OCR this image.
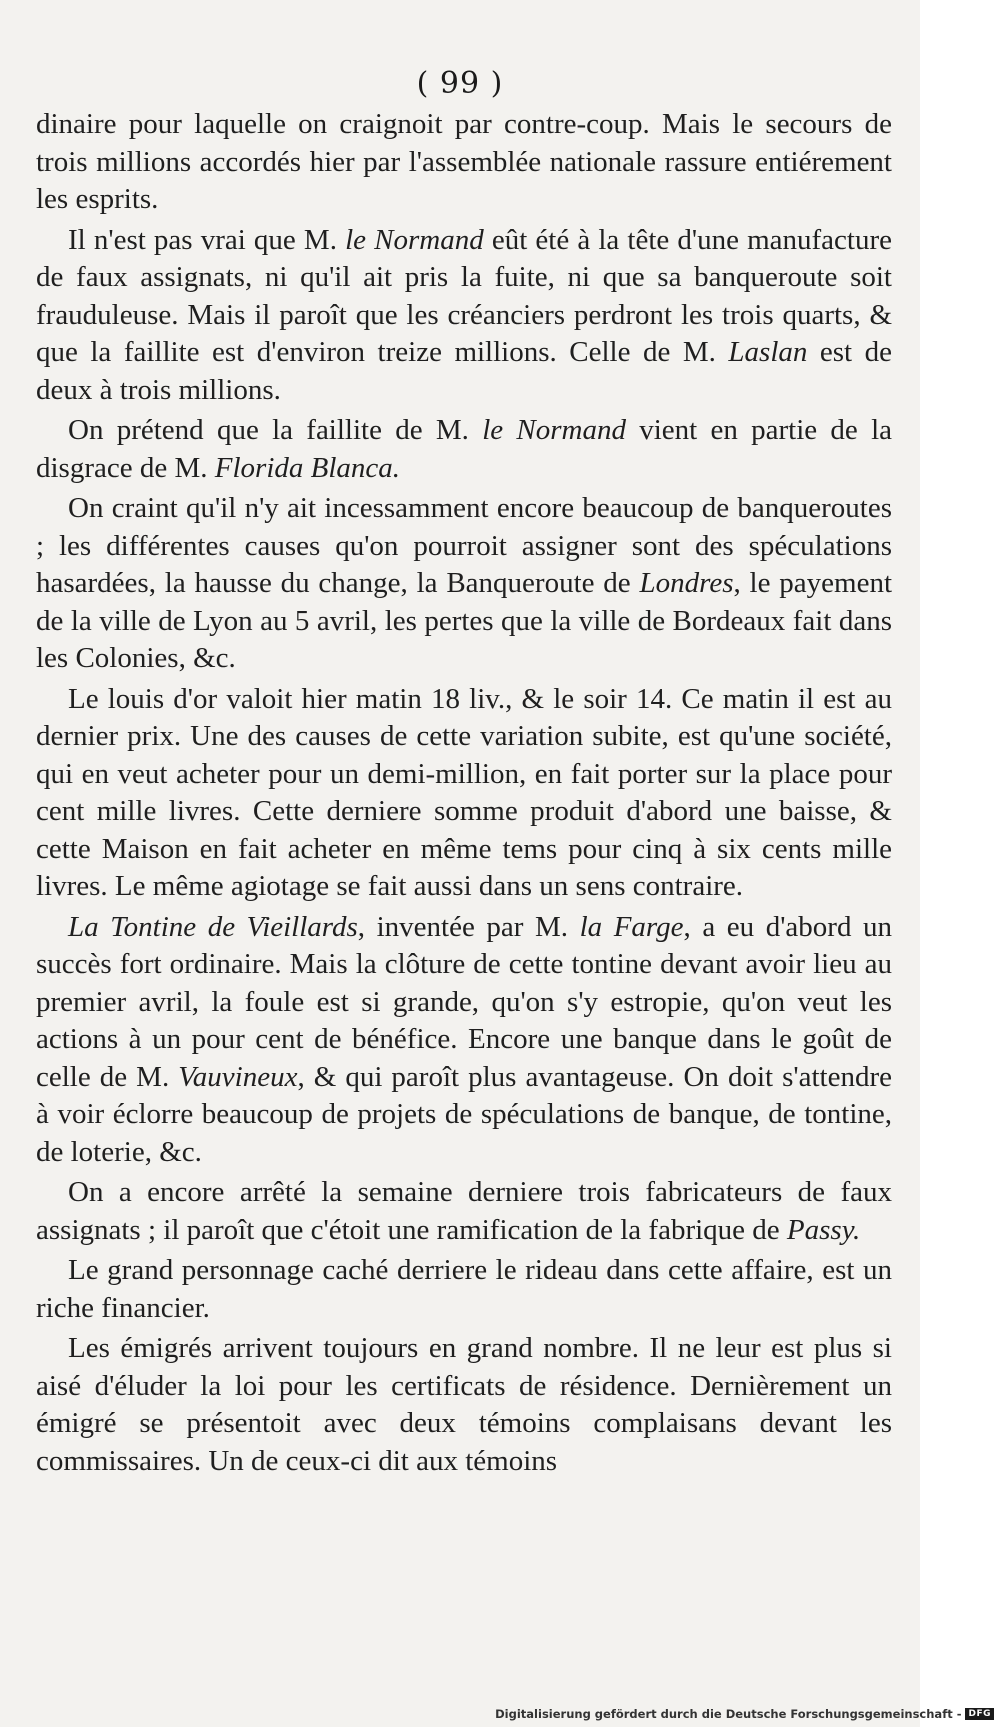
( 99 )

dinaire pour laquelle on craignoit par contre-coup. Mais le secours de trois millions accordés hier par l'assemblée nationale rassure entiérement les esprits.

Il n'est pas vrai que M. le Normand eût été à la tête d'une manufacture de faux assignats, ni qu'il ait pris la fuite, ni que sa banqueroute soit frauduleuse. Mais il paroît que les créanciers perdront les trois quarts, & que la faillite est d'environ treize millions. Celle de M. Laslan est de deux à trois millions.

On prétend que la faillite de M. le Normand vient en partie de la disgrace de M. Florida Blanca.

On craint qu'il n'y ait incessamment encore beaucoup de banqueroutes ; les différentes causes qu'on pourroit assigner sont des spéculations hasardées, la hausse du change, la Banqueroute de Londres, le payement de la ville de Lyon au 5 avril, les pertes que la ville de Bordeaux fait dans les Colonies, &c.

Le louis d'or valoit hier matin 18 liv., & le soir 14. Ce matin il est au dernier prix. Une des causes de cette variation subite, est qu'une société, qui en veut acheter pour un demi-million, en fait porter sur la place pour cent mille livres. Cette derniere somme produit d'abord une baisse, & cette Maison en fait acheter en même tems pour cinq à six cents mille livres. Le même agiotage se fait aussi dans un sens contraire.

La Tontine de Vieillards, inventée par M. la Farge, a eu d'abord un succès fort ordinaire. Mais la clôture de cette tontine devant avoir lieu au premier avril, la foule est si grande, qu'on s'y estropie, qu'on veut les actions à un pour cent de bénéfice. Encore une banque dans le goût de celle de M. Vauvineux, & qui paroît plus avantageuse. On doit s'attendre à voir éclorre beaucoup de projets de spéculations de banque, de tontine, de loterie, &c.

On a encore arrêté la semaine derniere trois fabricateurs de faux assignats ; il paroît que c'étoit une ramification de la fabrique de Passy.

Le grand personnage caché derriere le rideau dans cette affaire, est un riche financier.

Les émigrés arrivent toujours en grand nombre. Il ne leur est plus si aisé d'éluder la loi pour les certificats de résidence. Dernièrement un émigré se présentoit avec deux témoins complaisans devant les commissaires. Un de ceux-ci dit aux témoins

Digitalisierung gefördert durch die Deutsche Forschungsgemeinschaft - DFG
